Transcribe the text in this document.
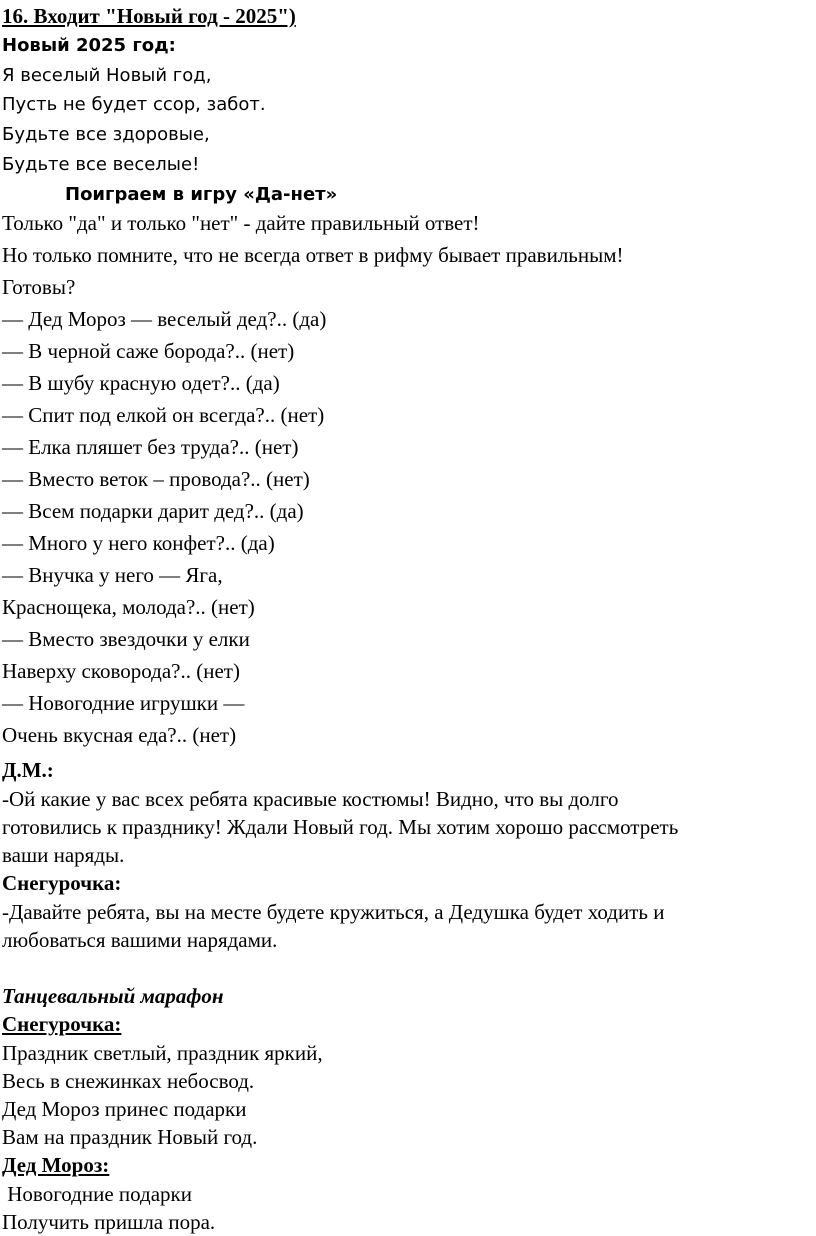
16. Входит "Новый год - 2025")
Новый 2025 год:
Я веселый Новый год,
Пусть не будет ссор, забот.
Будьте все здоровые,
Будьте все веселые!
Поиграем в игру «Да-нет»
Только "да" и только "нет" - дайте правильный ответ!
Но только помните, что не всегда ответ в рифму бывает правильным!
Готовы?
— Дед Мороз — веселый дед?.. (да)
— В черной саже борода?.. (нет)
— В шубу красную одет?.. (да)
— Спит под елкой он всегда?.. (нет)
— Елка пляшет без труда?.. (нет)
— Вместо веток – провода?.. (нет)
— Всем подарки дарит дед?.. (да)
— Много у него конфет?.. (да)
— Внучка у него — Яга,
Краснощека, молода?.. (нет)
— Вместо звездочки у елки
Наверху сковорода?.. (нет)
— Новогодние игрушки —
Очень вкусная еда?.. (нет)
Д.М.:
-Ой какие у вас всех ребята красивые костюмы! Видно, что вы долго
готовились к празднику! Ждали Новый год. Мы хотим хорошо рассмотреть
ваши наряды.
Снегурочка:
-Давайте ребята, вы на месте будете кружиться, а Дедушка будет ходить и
любоваться вашими нарядами.
Танцевальный марафон
Снегурочка:
Праздник светлый, праздник яркий,
Весь в снежинках небосвод.
Дед Мороз принес подарки
Вам на праздник Новый год.
Дед Мороз:
Новогодние подарки
Получить пришла пора.
